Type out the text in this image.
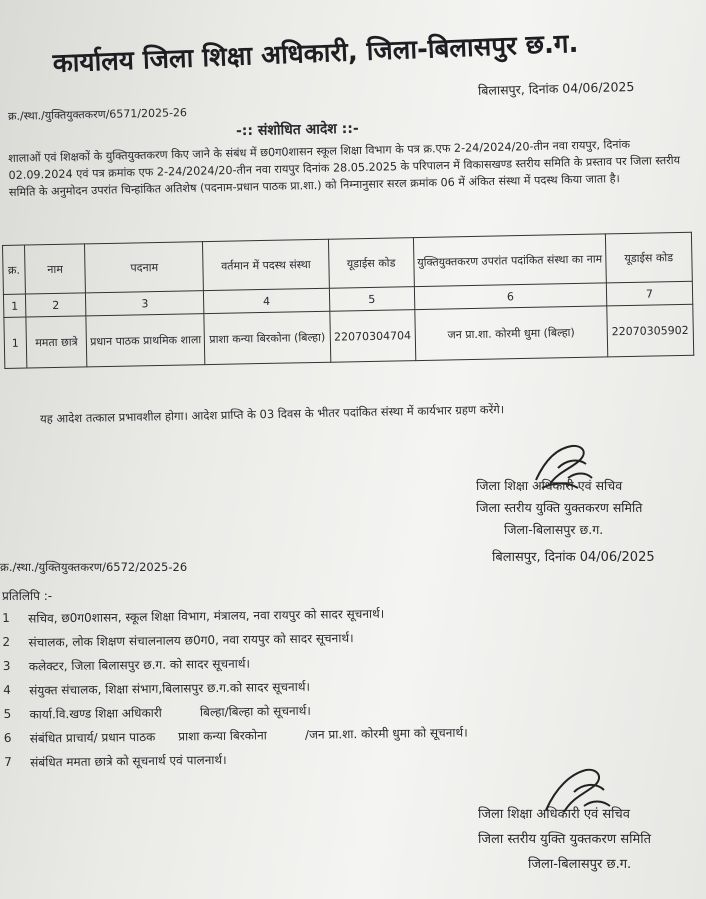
कार्यालय जिला शिक्षा अधिकारी, जिला-बिलासपुर छ.ग.
बिलासपुर, दिनांक 04/06/2025
क्र./स्था./युक्तियुक्तकरण/6571/2025-26
-:: संशोधित आदेश ::-
शालाओं एवं शिक्षकों के युक्तियुक्तकरण किए जाने के संबंध में छ0ग0शासन स्कूल शिक्षा विभाग के पत्र क्र.एफ 2-24/2024/20-तीन नवा रायपुर, दिनांक 02.09.2024 एवं पत्र क्रमांक एफ 2-24/2024/20-तीन नवा रायपुर दिनांक 28.05.2025 के परिपालन में विकासखण्ड स्तरीय समिति के प्रस्ताव पर जिला स्तरीय समिति के अनुमोदन उपरांत चिन्हांकित अतिशेष (पदनाम-प्रधान पाठक प्रा.शा.) को निम्नानुसार सरल क्रमांक 06 में अंकित संस्था में पदस्थ किया जाता है।
क्र.	नाम	पदनाम	वर्तमान में पदस्थ संस्था	यूडाईस कोड	युक्तियुक्तकरण उपरांत पदांकित संस्था का नाम	यूडाईस कोड
1	2	3	4	5	6	7
1	ममता छात्रे	प्रधान पाठक प्राथमिक शाला	प्राशा कन्या बिरकोना (बिल्हा)	22070304704	जन प्रा.शा. कोरमी धुमा (बिल्हा)	22070305902
यह आदेश तत्काल प्रभावशील होगा। आदेश प्राप्ति के 03 दिवस के भीतर पदांकित संस्था में कार्यभार ग्रहण करेंगे।
जिला शिक्षा अधिकारी एवं सचिव
जिला स्तरीय युक्ति युक्तकरण समिति
जिला-बिलासपुर छ.ग.
बिलासपुर, दिनांक 04/06/2025
क्र./स्था./युक्तियुक्तकरण/6572/2025-26
प्रतिलिपि :-
1	सचिव, छ0ग0शासन, स्कूल शिक्षा विभाग, मंत्रालय, नवा रायपुर को सादर सूचनार्थ।
2	संचालक, लोक शिक्षण संचालनालय छ0ग0, नवा रायपुर को सादर सूचनार्थ।
3	कलेक्टर, जिला बिलासपुर छ.ग. को सादर सूचनार्थ।
4	संयुक्त संचालक, शिक्षा संभाग,बिलासपुर छ.ग.को सादर सूचनार्थ।
5	कार्या.वि.खण्ड शिक्षा अधिकारी          बिल्हा/बिल्हा को सूचनार्थ।
6	संबंधित प्राचार्य/ प्रधान पाठक      प्राशा कन्या बिरकोना          /जन प्रा.शा. कोरमी धुमा को सूचनार्थ।
7	संबंधित ममता छात्रे को सूचनार्थ एवं पालनार्थ।
जिला शिक्षा अधिकारी एवं सचिव
जिला स्तरीय युक्ति युक्तकरण समिति
जिला-बिलासपुर छ.ग.
